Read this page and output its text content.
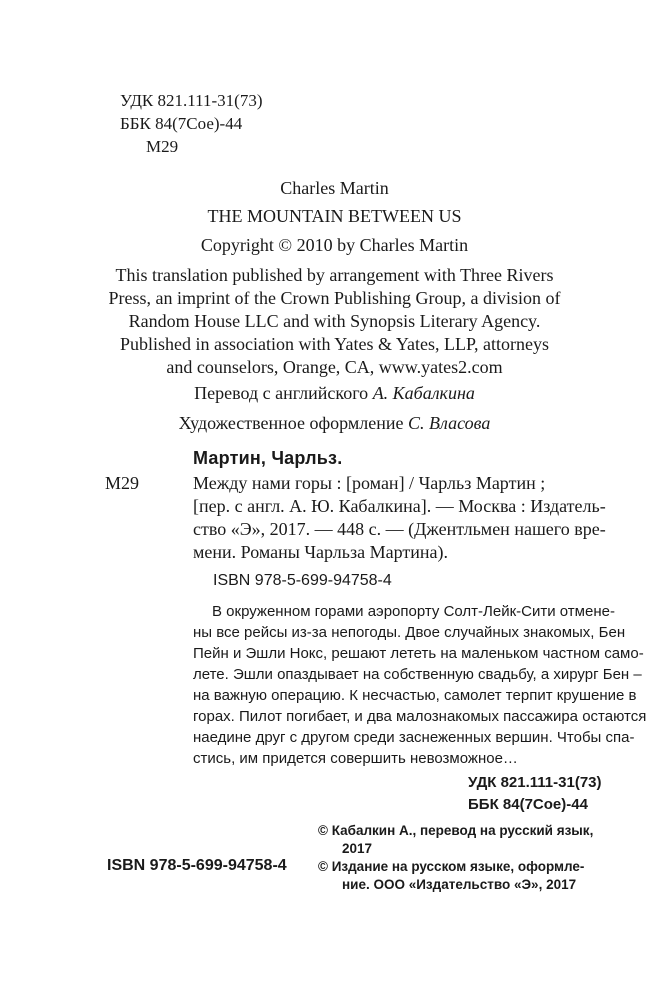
УДК 821.111-31(73)
ББК 84(7Сое)-44
М29
Charles Martin
THE MOUNTAIN BETWEEN US
Copyright © 2010 by Charles Martin
This translation published by arrangement with Three Rivers
Press, an imprint of the Crown Publishing Group, a division of
Random House LLC and with Synopsis Literary Agency.
Published in association with Yates & Yates, LLP, attorneys
and counselors, Orange, CA, www.yates2.com
Перевод с английского А. Кабалкина
Художественное оформление С. Власова
Мартин, Чарльз.
М29	Между нами горы : [роман] / Чарльз Мартин ;
[пер. с англ. А. Ю. Кабалкина]. — Москва : Издатель-
ство «Э», 2017. — 448 с. — (Джентльмен нашего вре-
мени. Романы Чарльза Мартина).
ISBN 978-5-699-94758-4
В окруженном горами аэропорту Солт-Лейк-Сити отмене-
ны все рейсы из-за непогоды. Двое случайных знакомых, Бен
Пейн и Эшли Нокс, решают лететь на маленьком частном само-
лете. Эшли опаздывает на собственную свадьбу, а хирург Бен –
на важную операцию. К несчастью, самолет терпит крушение в
горах. Пилот погибает, и два малознакомых пассажира остаются
наедине друг с другом среди заснеженных вершин. Чтобы спа-
стись, им придется совершить невозможное…
УДК 821.111-31(73)
ББК 84(7Сое)-44
© Кабалкин А., перевод на русский язык,
2017
© Издание на русском языке, оформле-
ние. ООО «Издательство «Э», 2017
ISBN 978-5-699-94758-4
